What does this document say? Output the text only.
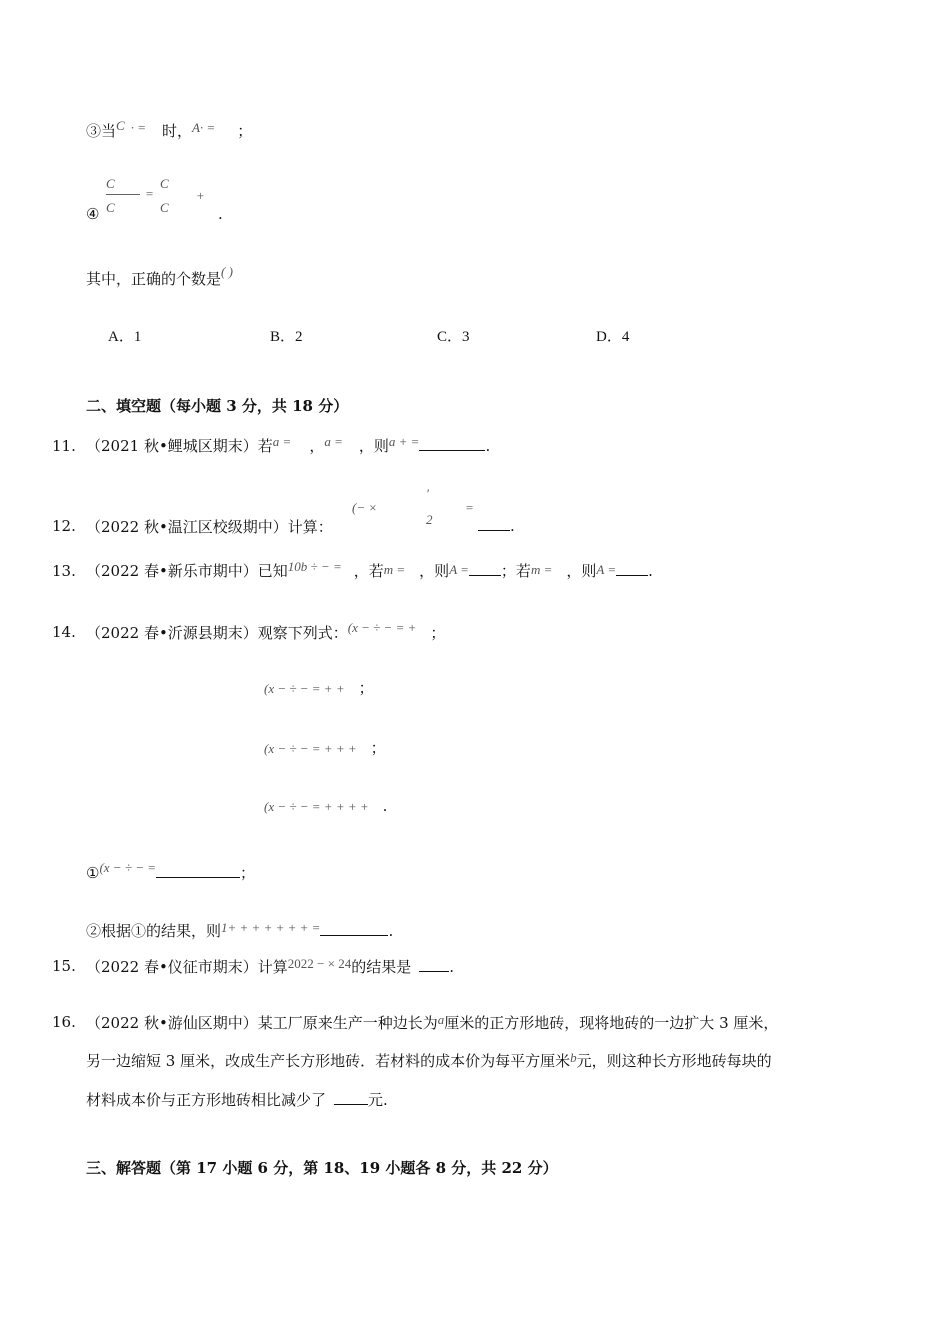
③当C · = 时，A· = ；
④
C
=
C
C	C
+
.
其中，正确的个数是( )
A．1	B．2	C．3	D．4
二、填空题（每小题 3 分，共 18 分）
11. （2021 秋•鲤城区期末）若a = ，a = ，则a + =	.
12. （2022 秋•温江区校级期中）计算：
(− ×
'
2
=
.
13. （2022 春•新乐市期中）已知10b ÷ − = ，若m = ，则A = ；若m = ，则A = .
14. （2022 春•沂源县期末）观察下列式：(x − ÷ − = + ；
(x − ÷ − = + + ；
(x − ÷ − = + + + ；
(x − ÷ − = + + + + .
①(x − ÷ − =	；
②根据①的结果，则1+ + + + + + + =	.
15. （2022 春•仪征市期末）计算2022 − × 24的结果是	.
16. （2022 秋•游仙区期中）某工厂原来生产一种边长为a厘米的正方形地砖，现将地砖的一边扩大 3 厘米，
另一边缩短 3 厘米，改成生产长方形地砖．若材料的成本价为每平方厘米b元，则这种长方形地砖每块的
材料成本价与正方形地砖相比减少了	元.
三、解答题（第 17 小题 6 分，第 18、19 小题各 8 分，共 22 分）
